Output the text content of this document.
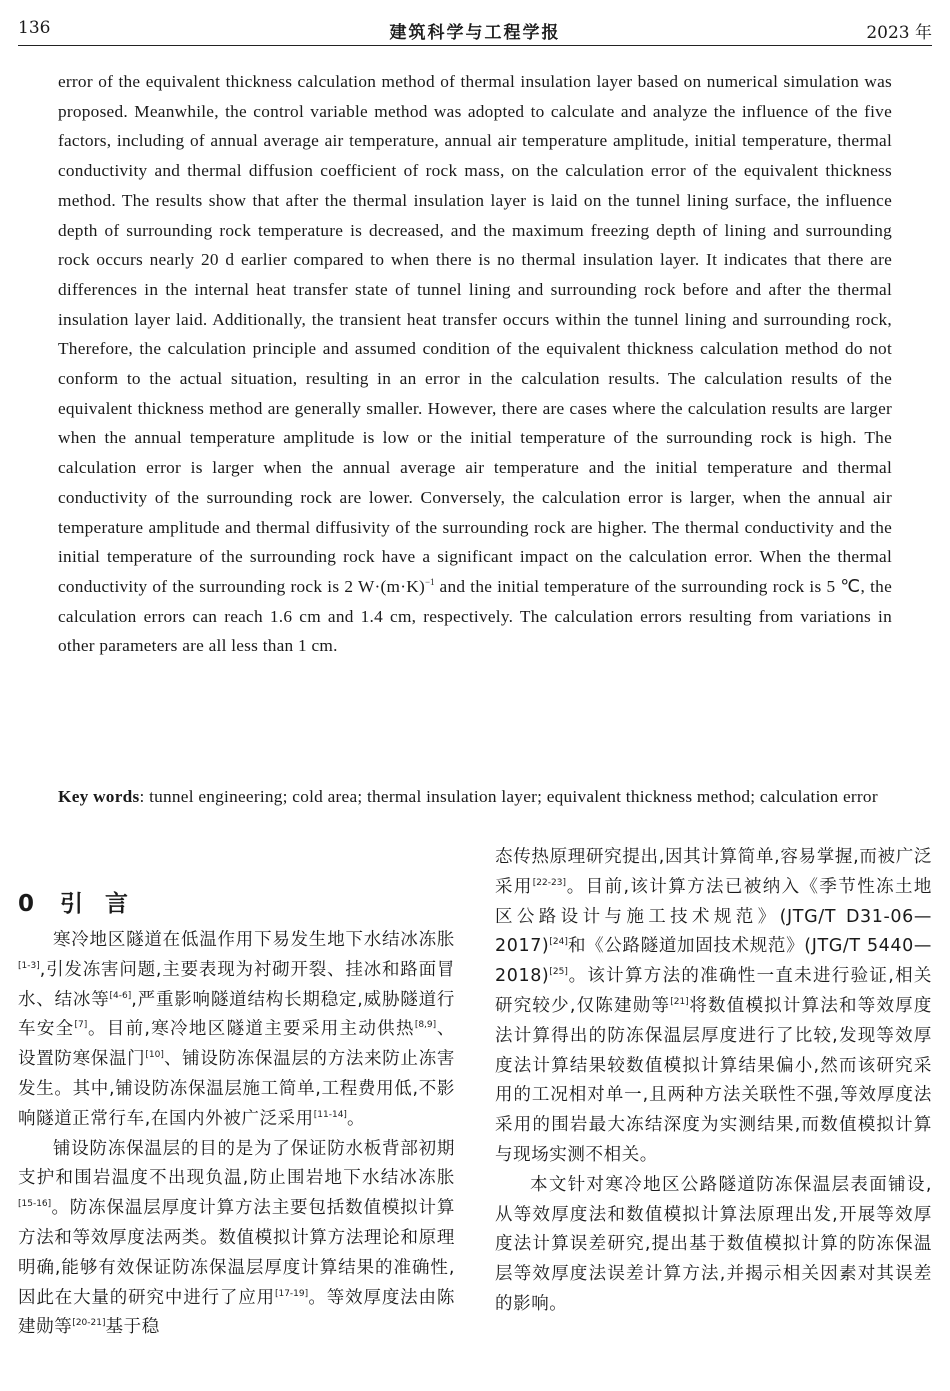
136	建筑科学与工程学报	2023 年

error of the equivalent thickness calculation method of thermal insulation layer based on numerical simulation was proposed. Meanwhile, the control variable method was adopted to calculate and analyze the influence of the five factors, including of annual average air temperature, annual air temperature amplitude, initial temperature, thermal conductivity and thermal diffusion coefficient of rock mass, on the calculation error of the equivalent thickness method. The results show that after the thermal insulation layer is laid on the tunnel lining surface, the influence depth of surrounding rock temperature is decreased, and the maximum freezing depth of lining and surrounding rock occurs nearly 20 d earlier compared to when there is no thermal insulation layer. It indicates that there are differences in the internal heat transfer state of tunnel lining and surrounding rock before and after the thermal insulation layer laid. Additionally, the transient heat transfer occurs within the tunnel lining and surrounding rock, Therefore, the calculation principle and assumed condition of the equivalent thickness calculation method do not conform to the actual situation, resulting in an error in the calculation results. The calculation results of the equivalent thickness method are generally smaller. However, there are cases where the calculation results are larger when the annual temperature amplitude is low or the initial temperature of the surrounding rock is high. The calculation error is larger when the annual average air temperature and the initial temperature and thermal conductivity of the surrounding rock are lower. Conversely, the calculation error is larger, when the annual air temperature amplitude and thermal diffusivity of the surrounding rock are higher. The thermal conductivity and the initial temperature of the surrounding rock have a significant impact on the calculation error. When the thermal conductivity of the surrounding rock is 2 $W\cdot(m\cdot K)^{-1}$ and the initial temperature of the surrounding rock is 5 ℃, the calculation errors can reach 1.6 cm and 1.4 cm, respectively. The calculation errors resulting from variations in other parameters are all less than 1 cm.

Key words: tunnel engineering; cold area; thermal insulation layer; equivalent thickness method; calculation error

0 引言

寒冷地区隧道在低温作用下易发生地下水结冰冻胀[1-3],引发冻害问题,主要表现为衬砌开裂、挂冰和路面冒水、结冰等[4-6],严重影响隧道结构长期稳定,威胁隧道行车安全[7]。目前,寒冷地区隧道主要采用主动供热[8,9]、设置防寒保温门[10]、铺设防冻保温层的方法来防止冻害发生。其中,铺设防冻保温层施工简单,工程费用低,不影响隧道正常行车,在国内外被广泛采用[11-14]。

铺设防冻保温层的目的是为了保证防水板背部初期支护和围岩温度不出现负温,防止围岩地下水结冰冻胀[15-16]。防冻保温层厚度计算方法主要包括数值模拟计算方法和等效厚度法两类。数值模拟计算方法理论和原理明确,能够有效保证防冻保温层厚度计算结果的准确性,因此在大量的研究中进行了应用[17-19]。等效厚度法由陈建勋等[20-21]基于稳

态传热原理研究提出,因其计算简单,容易掌握,而被广泛采用[22-23]。目前,该计算方法已被纳入《季节性冻土地区公路设计与施工技术规范》(JTG/T D31-06—2017)[24]和《公路隧道加固技术规范》(JTG/T 5440—2018)[25]。该计算方法的准确性一直未进行验证,相关研究较少,仅陈建勋等[21]将数值模拟计算法和等效厚度法计算得出的防冻保温层厚度进行了比较,发现等效厚度法计算结果较数值模拟计算结果偏小,然而该研究采用的工况相对单一,且两种方法关联性不强,等效厚度法采用的围岩最大冻结深度为实测结果,而数值模拟计算与现场实测不相关。

本文针对寒冷地区公路隧道防冻保温层表面铺设,从等效厚度法和数值模拟计算法原理出发,开展等效厚度法计算误差研究,提出基于数值模拟计算的防冻保温层等效厚度法误差计算方法,并揭示相关因素对其误差的影响。
